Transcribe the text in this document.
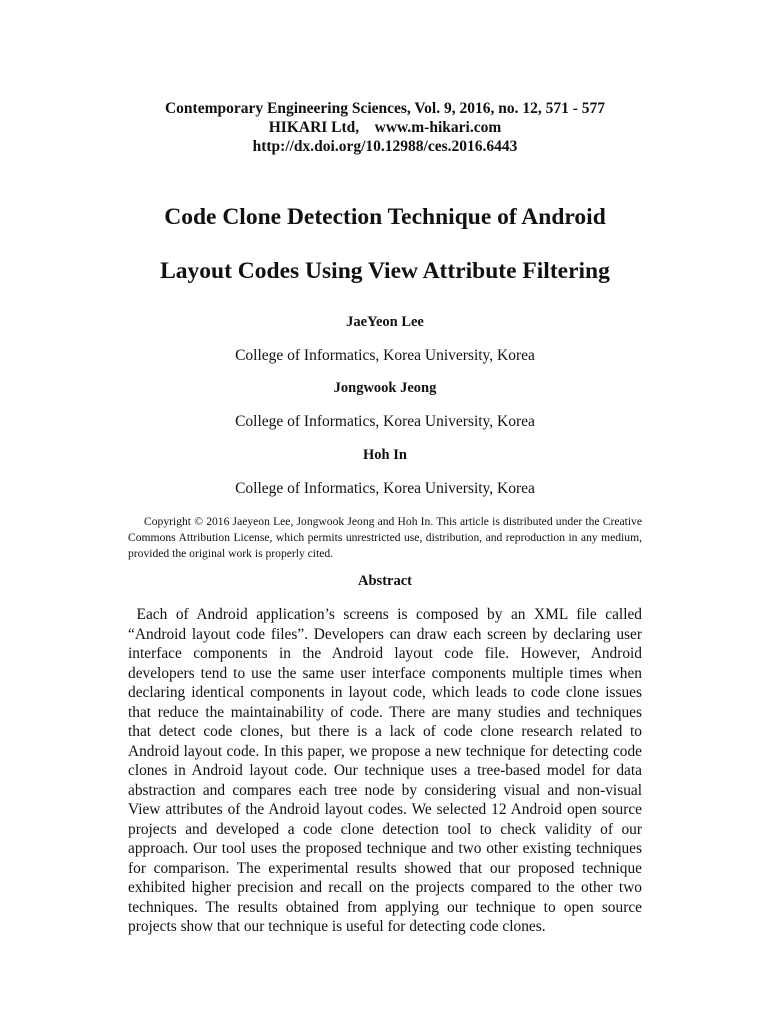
Contemporary Engineering Sciences, Vol. 9, 2016, no. 12, 571 - 577
HIKARI Ltd,    www.m-hikari.com
http://dx.doi.org/10.12988/ces.2016.6443
Code Clone Detection Technique of Android
Layout Codes Using View Attribute Filtering
JaeYeon Lee
College of Informatics, Korea University, Korea
Jongwook Jeong
College of Informatics, Korea University, Korea
Hoh In
College of Informatics, Korea University, Korea
Copyright © 2016 Jaeyeon Lee, Jongwook Jeong and Hoh In. This article is distributed under the Creative Commons Attribution License, which permits unrestricted use, distribution, and reproduction in any medium, provided the original work is properly cited.
Abstract
Each of Android application’s screens is composed by an XML file called
“Android layout code files”. Developers can draw each screen by declaring user
interface components in the Android layout code file. However, Android
developers tend to use the same user interface components multiple times when
declaring identical components in layout code, which leads to code clone issues
that reduce the maintainability of code. There are many studies and techniques
that detect code clones, but there is a lack of code clone research related to
Android layout code. In this paper, we propose a new technique for detecting code
clones in Android layout code. Our technique uses a tree-based model for data
abstraction and compares each tree node by considering visual and non-visual
View attributes of the Android layout codes. We selected 12 Android open source
projects and developed a code clone detection tool to check validity of our
approach. Our tool uses the proposed technique and two other existing techniques
for comparison. The experimental results showed that our proposed technique
exhibited higher precision and recall on the projects compared to the other two
techniques. The results obtained from applying our technique to open source
projects show that our technique is useful for detecting code clones.
